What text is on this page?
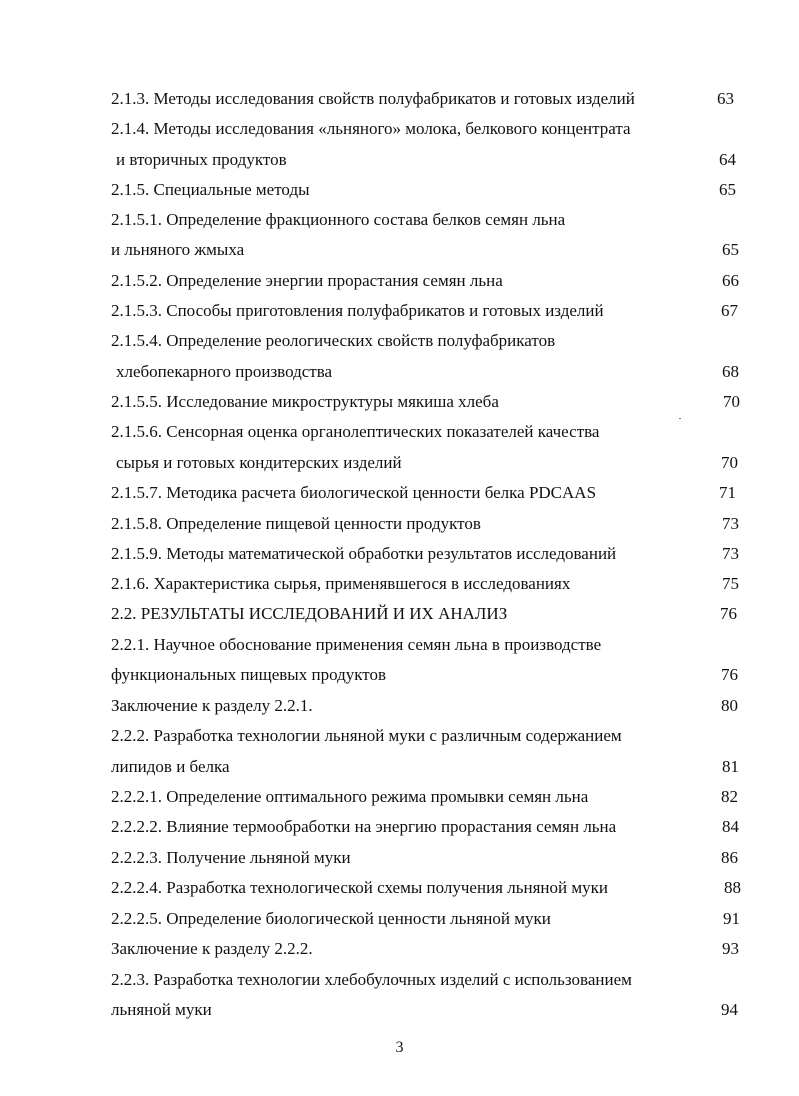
2.1.3. Методы исследования свойств полуфабрикатов и готовых изделий	63
2.1.4. Методы исследования «льняного» молока, белкового концентрата
и вторичных продуктов	64
2.1.5. Специальные методы	65
2.1.5.1. Определение фракционного состава белков семян льна
и льняного жмыха	65
2.1.5.2. Определение энергии прорастания семян льна	66
2.1.5.3. Способы приготовления полуфабрикатов и готовых изделий	67
2.1.5.4. Определение реологических свойств полуфабрикатов
хлебопекарного производства	68
2.1.5.5. Исследование микроструктуры мякиша хлеба	70
2.1.5.6. Сенсорная оценка органолептических показателей качества
сырья и готовых кондитерских изделий	70
2.1.5.7. Методика расчета биологической ценности белка PDCAAS	71
2.1.5.8. Определение пищевой ценности продуктов	73
2.1.5.9. Методы математической обработки результатов исследований	73
2.1.6. Характеристика сырья, применявшегося в исследованиях	75
2.2. РЕЗУЛЬТАТЫ ИССЛЕДОВАНИЙ И ИХ АНАЛИЗ	76
2.2.1. Научное обоснование применения семян льна в производстве
функциональных пищевых продуктов	76
Заключение к разделу 2.2.1.	80
2.2.2. Разработка технологии льняной муки с различным содержанием
липидов и белка	81
2.2.2.1. Определение оптимального режима промывки семян льна	82
2.2.2.2. Влияние термообработки на энергию прорастания семян льна	84
2.2.2.3. Получение льняной муки	86
2.2.2.4. Разработка технологической схемы получения льняной муки	88
2.2.2.5. Определение биологической ценности льняной муки	91
Заключение к разделу 2.2.2.	93
2.2.3. Разработка технологии хлебобулочных изделий с использованием
льняной муки	94
3
